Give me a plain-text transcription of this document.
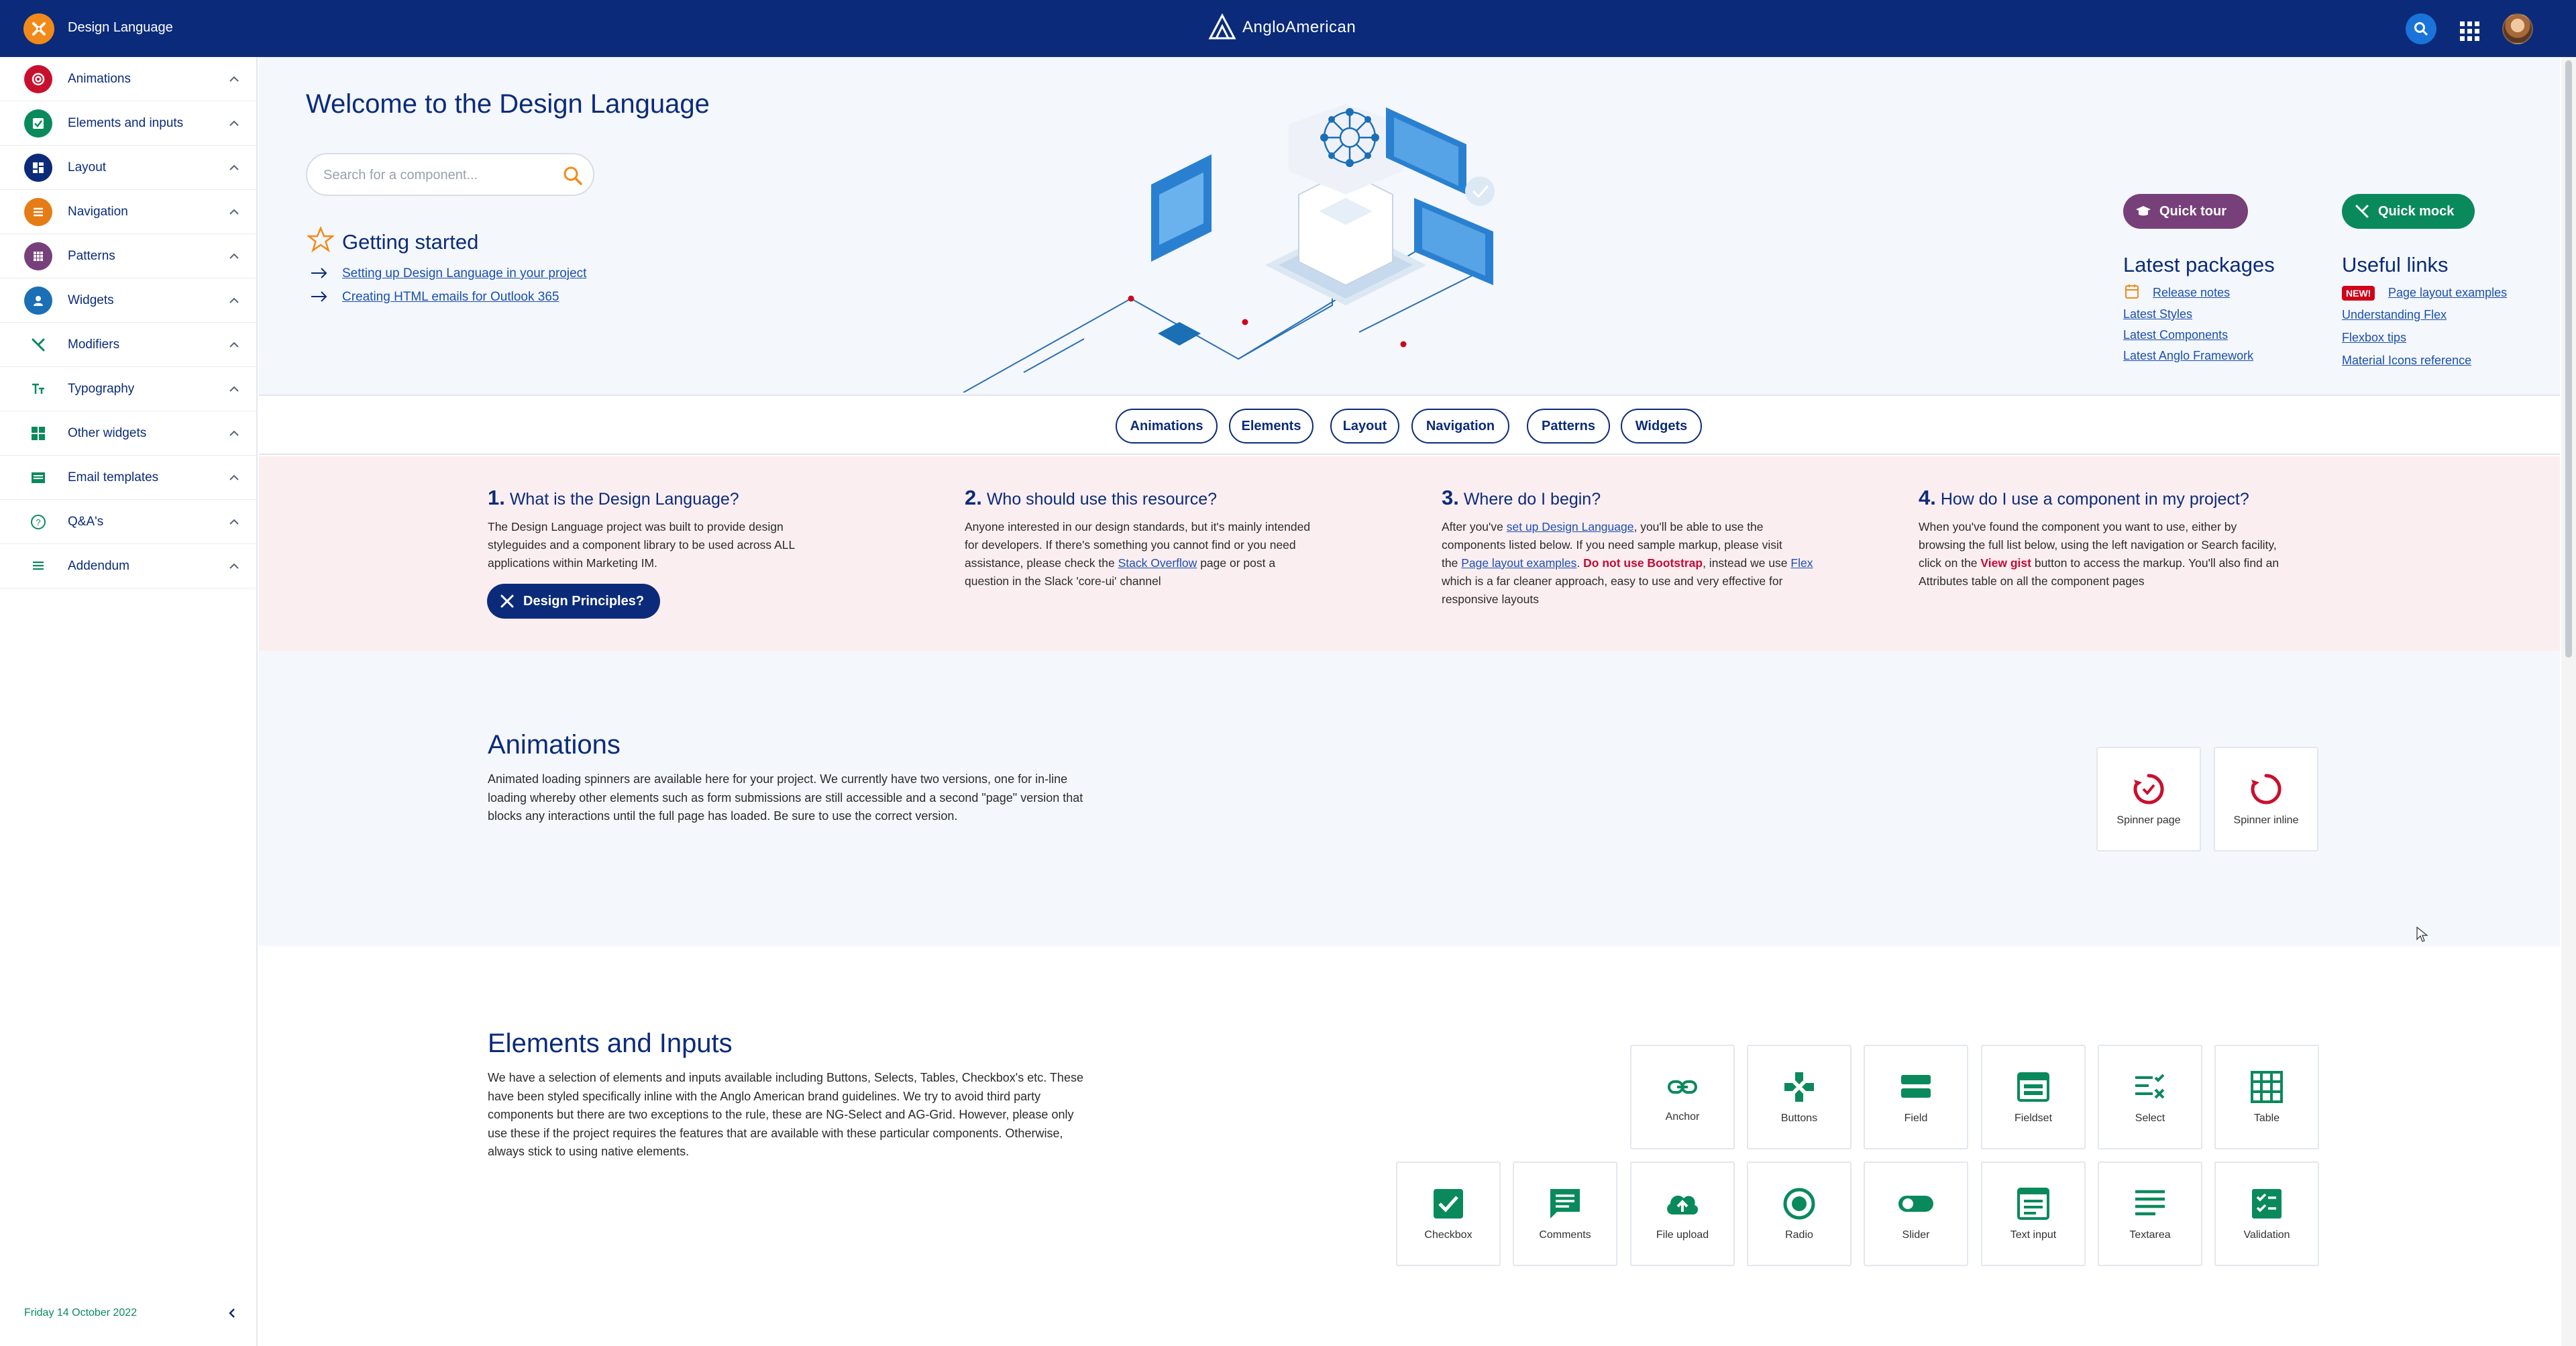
Design Language	AngloAmerican
Animations
Elements and inputs
Layout
Navigation
Patterns
Widgets
Modifiers
Typography
Other widgets
Email templates
? Q&A's
Addendum
Friday 14 October 2022
Welcome to the Design Language
Search for a component...
Getting started
Setting up Design Language in your project
Creating HTML emails for Outlook 365
Quick tour	Quick mock
Latest packages
Release notes
Latest Styles
Latest Components
Latest Anglo Framework
Useful links
NEW!	Page layout examples
Understanding Flex
Flexbox tips
Material Icons reference
Animations	Elements	Layout	Navigation	Patterns	Widgets
1. What is the Design Language?
The Design Language project was built to provide design
styleguides and a component library to be used across ALL
applications within Marketing IM.
Design Principles?
2. Who should use this resource?
Anyone interested in our design standards, but it's mainly intended
for developers. If there's something you cannot find or you need
assistance, please check the Stack Overflow page or post a
question in the Slack 'core-ui' channel
3. Where do I begin?
After you've set up Design Language, you'll be able to use the
components listed below. If you need sample markup, please visit
the Page layout examples. Do not use Bootstrap, instead we use Flex
which is a far cleaner approach, easy to use and very effective for
responsive layouts
4. How do I use a component in my project?
When you've found the component you want to use, either by
browsing the full list below, using the left navigation or Search facility,
click on the View gist button to access the markup. You'll also find an
Attributes table on all the component pages
Animations
Animated loading spinners are available here for your project. We currently have two versions, one for in-line loading whereby other elements such as form submissions are still accessible and a second "page" version that blocks any interactions until the full page has loaded. Be sure to use the correct version.	Spinner page	Spinner inline
Elements and Inputs
We have a selection of elements and inputs available including Buttons, Selects, Tables, Checkbox's etc. These have been styled specifically inline with the Anglo American brand guidelines. We try to avoid third party components but there are two exceptions to the rule, these are NG-Select and AG-Grid. However, please only use these if the project requires the features that are available with these particular components. Otherwise, always stick to using native elements.
Anchor	Buttons	Field	Fieldset	Select	Table
Checkbox	Comments	File upload	Radio	Slider	Text input	Textarea	Validation
